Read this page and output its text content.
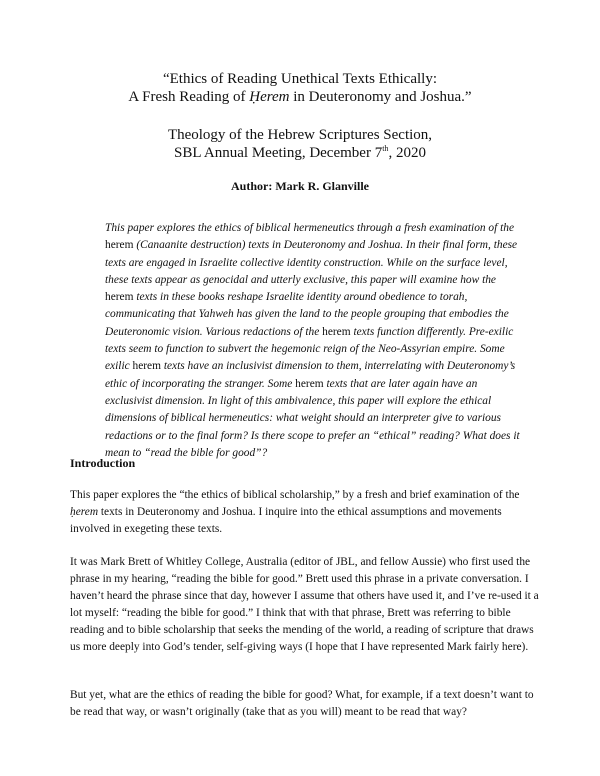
“Ethics of Reading Unethical Texts Ethically:
A Fresh Reading of Ḥerem in Deuteronomy and Joshua.”
Theology of the Hebrew Scriptures Section,
SBL Annual Meeting, December 7th, 2020
Author: Mark R. Glanville
This paper explores the ethics of biblical hermeneutics through a fresh examination of the herem (Canaanite destruction) texts in Deuteronomy and Joshua. In their final form, these texts are engaged in Israelite collective identity construction. While on the surface level, these texts appear as genocidal and utterly exclusive, this paper will examine how the herem texts in these books reshape Israelite identity around obedience to torah, communicating that Yahweh has given the land to the people grouping that embodies the Deuteronomic vision. Various redactions of the herem texts function differently. Pre-exilic texts seem to function to subvert the hegemonic reign of the Neo-Assyrian empire. Some exilic herem texts have an inclusivist dimension to them, interrelating with Deuteronomy’s ethic of incorporating the stranger. Some herem texts that are later again have an exclusivist dimension. In light of this ambivalence, this paper will explore the ethical dimensions of biblical hermeneutics: what weight should an interpreter give to various redactions or to the final form? Is there scope to prefer an “ethical” reading? What does it mean to “read the bible for good”?
Introduction
This paper explores the “the ethics of biblical scholarship,” by a fresh and brief examination of the ḥerem texts in Deuteronomy and Joshua. I inquire into the ethical assumptions and movements involved in exegeting these texts.
It was Mark Brett of Whitley College, Australia (editor of JBL, and fellow Aussie) who first used the phrase in my hearing, “reading the bible for good.” Brett used this phrase in a private conversation. I haven’t heard the phrase since that day, however I assume that others have used it, and I’ve re-used it a lot myself: “reading the bible for good.” I think that with that phrase, Brett was referring to bible reading and to bible scholarship that seeks the mending of the world, a reading of scripture that draws us more deeply into God’s tender, self-giving ways (I hope that I have represented Mark fairly here).
But yet, what are the ethics of reading the bible for good? What, for example, if a text doesn’t want to be read that way, or wasn’t originally (take that as you will) meant to be read that way?
